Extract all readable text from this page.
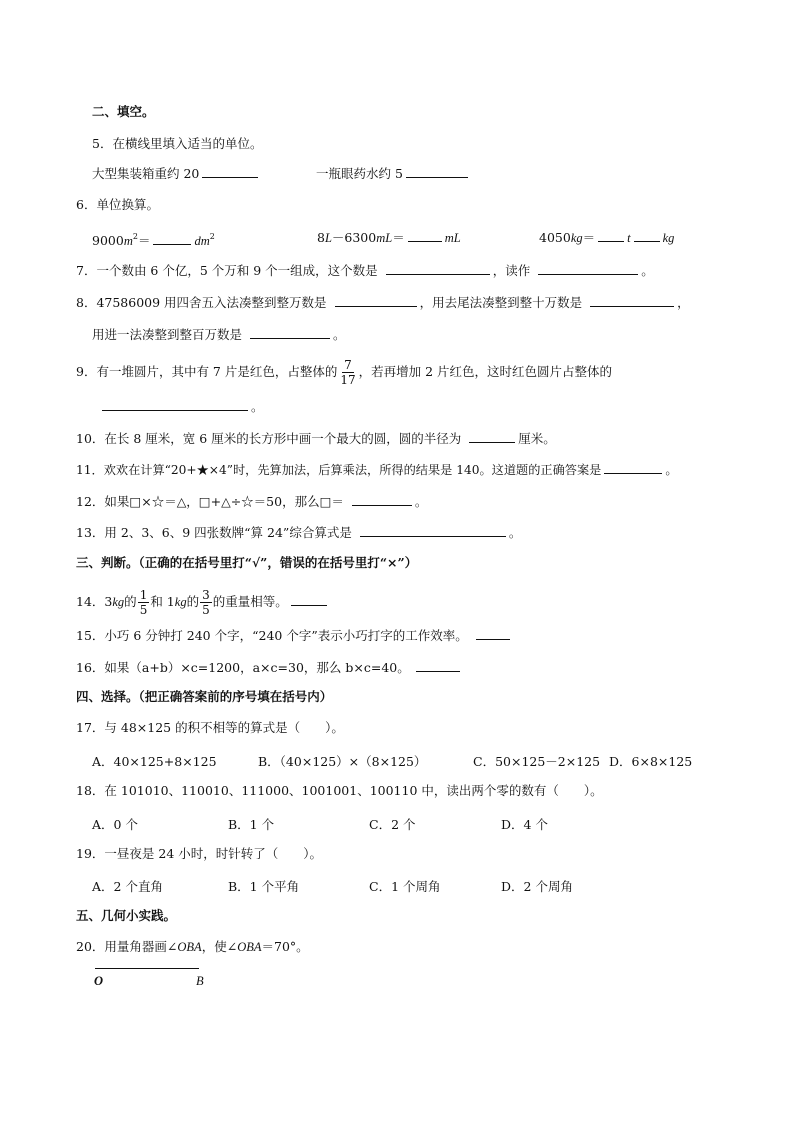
二、填空。
5．在横线里填入适当的单位。
大型集装箱重约 20	一瓶眼药水约 5
6．单位换算。
$9000m^2=$	$dm^2$	8L－6300mL＝	mL	4050kg＝	t	kg
7．一个数由 6 个亿，5 个万和 9 个一组成，这个数是	，读作	。
8．47586009 用四舍五入法凑整到整万数是	，用去尾法凑整到整十万数是	，
用进一法凑整到整百万数是	。
9．有一堆圆片，其中有 7 片是红色，占整体的 $\frac{7}{17}$ ，若再增加 2 片红色，这时红色圆片占整体的
。
10．在长 8 厘米，宽 6 厘米的长方形中画一个最大的圆，圆的半径为	厘米。
11．欢欢在计算“20+★×4”时，先算加法，后算乘法，所得的结果是 140。这道题的正确答案是	。
12．如果□×☆＝△，□+△÷☆＝50，那么□＝	。
13．用 2、3、6、9 四张数牌“算 24”综合算式是	。
三、判断。（正确的在括号里打“√”，错误的在括号里打“×”）
14．3kg的 $\frac{1}{5}$ 和 1kg的 $\frac{3}{5}$ 的重量相等。
15．小巧 6 分钟打 240 个字，“240 个字”表示小巧打字的工作效率。
16．如果（a+b）×c=1200，a×c=30，那么 b×c=40。
四、选择。（把正确答案前的序号填在括号内）
17．与 48×125 的积不相等的算式是（　　）。
A．40×125+8×125	B．（40×125）×（8×125）	C．50×125－2×125 D．6×8×125
18．在 101010、110010、111000、1001001、100110 中，读出两个零的数有（　　）。
A．0 个	B．1 个	C．2 个	D．4 个
19．一昼夜是 24 小时，时针转了（　　）。
A．2 个直角	B．1 个平角	C．1 个周角	D．2 个周角
五、几何小实践。
20．用量角器画∠OBA，使∠OBA＝70°。
O	B
